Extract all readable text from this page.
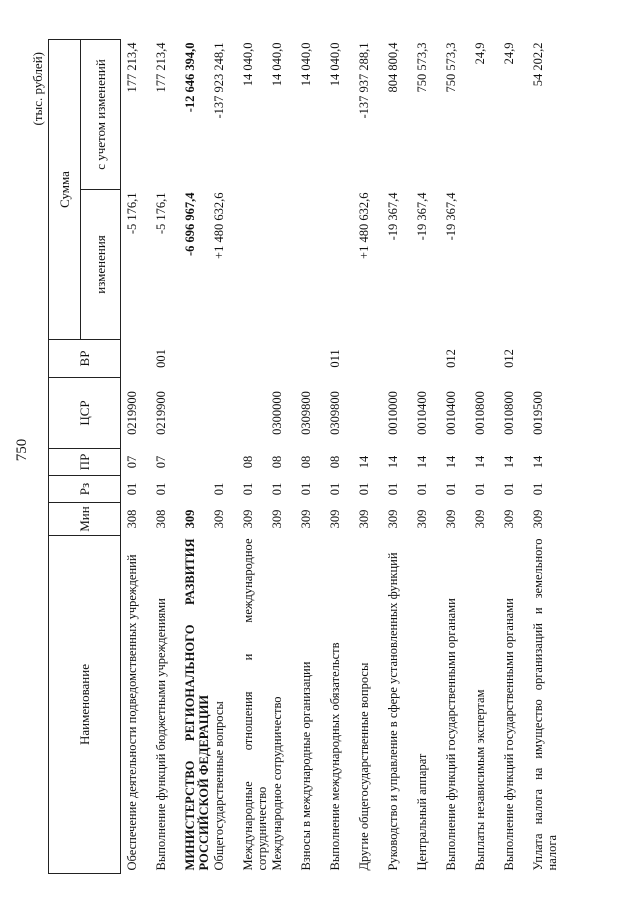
750
(тыс. рублей)
Наименование	Мин	Рз	ПР	ЦСР	ВР	Сумма	
						изменения	с учетом изменений
Обеспечение деятельности подведомственных учреждений	308	01	07	0219900		-5 176,1	177 213,4
Выполнение функций бюджетными учреждениями	308	01	07	0219900	001	-5 176,1	177 213,4
МИНИСТЕРСТВО РЕГИОНАЛЬНОГО РАЗВИТИЯ РОССИЙСКОЙ ФЕДЕРАЦИИ	309					-6 696 967,4	-12 646 394,0
Общегосударственные вопросы	309	01				+1 480 632,6	-137 923 248,1
Международные отношения и международное сотрудничество	309	01	08				14 040,0
Международное сотрудничество	309	01	08	0300000			14 040,0
Взносы в международные организации	309	01	08	0309800			14 040,0
Выполнение международных обязательств	309	01	08	0309800	011		14 040,0
Другие общегосударственные вопросы	309	01	14			+1 480 632,6	-137 937 288,1
Руководство и управление в сфере установленных функций	309	01	14	0010000		-19 367,4	804 800,4
Центральный аппарат	309	01	14	0010400		-19 367,4	750 573,3
Выполнение функций государственными органами	309	01	14	0010400	012	-19 367,4	750 573,3
Выплаты независимым экспертам	309	01	14	0010800			24,9
Выполнение функций государственными органами	309	01	14	0010800	012		24,9
Уплата налога на имущество организаций и земельного налога	309	01	14	0019500			54 202,2
